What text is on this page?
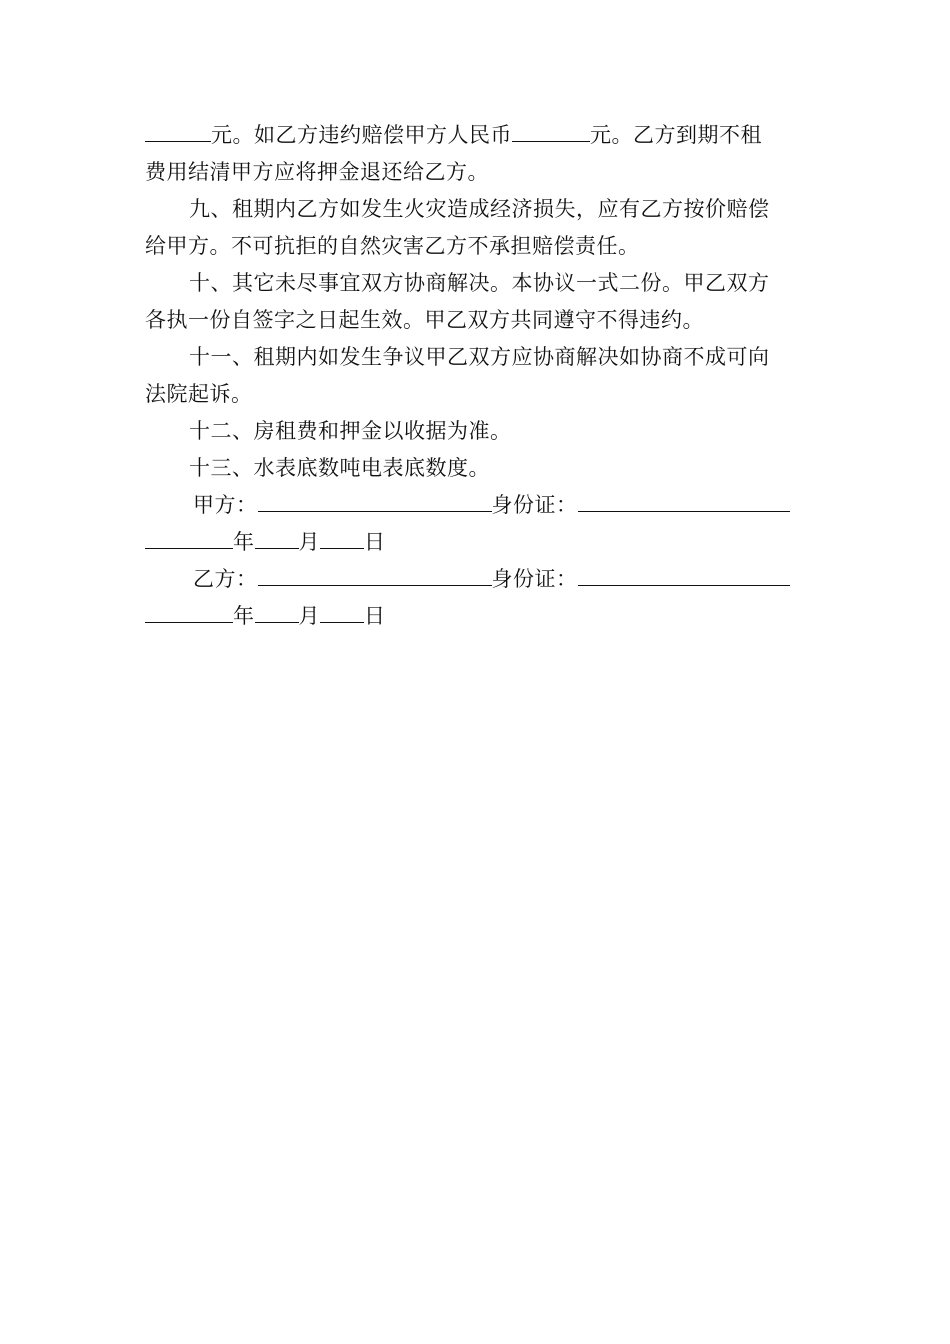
元。如乙方违约赔偿甲方人民币	元。乙方到期不租
费用结清甲方应将押金退还给乙方。
九、租期内乙方如发生火灾造成经济损失，应有乙方按价赔偿
给甲方。不可抗拒的自然灾害乙方不承担赔偿责任。
十、其它未尽事宜双方协商解决。本协议一式二份。甲乙双方
各执一份自签字之日起生效。甲乙双方共同遵守不得违约。
十一、租期内如发生争议甲乙双方应协商解决如协商不成可向
法院起诉。
十二、房租费和押金以收据为准。
十三、水表底数吨电表底数度。
甲方：	身份证：
年 月 日
乙方：	身份证：
年 月 日
